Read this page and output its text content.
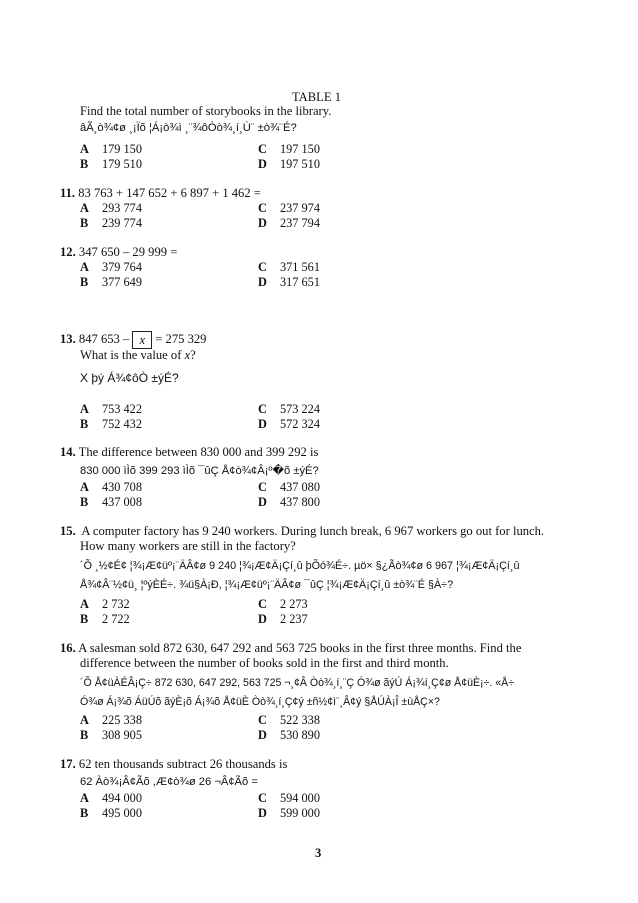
TABLE 1
Find the total number of storybooks in the library.
âÃ¸ò¾¢ø ¸¡Ïõ ¦Á¡ò¾ì ¸¨¾ôÒò¾¸í¸Ù¨ ±ò¾¨É?
A 179 150
B 179 510
C 197 150
D 197 510
11. 83 763 + 147 652 + 6 897 + 1 462 =
A 293 774
B 239 774
C 237 974
D 237 794
12. 347 650 – 29 999 =
A 379 764
B 377 649
C 371 561
D 317 651
13. 847 653 – x = 275 329
What is the value of x?
X þý Á¾¢ôÒ ±ýÉ?
A 753 422
B 752 432
C 573 224
D 572 324
14. The difference between 830 000 and 399 292 is
830 000 ìÌõ 399 293 ìÌõ ¯ûÇ Å¢ò¾¢Â¡º�õ ±ýÉ?
A 430 708
B 437 008
C 437 080
D 437 800
15. A computer factory has 9 240 workers. During lunch break, 6 967 workers go out for lunch.
How many workers are still in the factory?
´Õ ¸½¢É¢ ¦¾¡Æ¢üº¡¨ÄÂ¢ø 9 240 ¦¾¡Æ¢Ä¡Çí¸û þÕó¾É÷. µö× §¿Ãò¾¢ø 6 967 ¦¾¡Æ¢Ä¡Çí¸û
Å¾¢Â¨½¢ü¸ ¦ºýÈÉ÷. ¾ü§À¡Ð, ¦¾¡Æ¢üº¡¨ÄÂ¢ø ¯ûÇ ¦¾¡Æ¢Ä¡Çí¸û ±ò¾¨É §À÷?
A 2 732
B 2 722
C 2 273
D 2 237
16. A salesman sold 872 630, 647 292 and 563 725 books in the first three months. Find the
difference between the number of books sold in the first and third month.
´Õ Å¢üÀÉÂ¡Ç÷ 872 630, 647 292, 563 725 ¬¸¢Â Òò¾¸í¸¨Ç Ó¾ø ãýÚ Á¡¾í¸Ç¢ø Å¢üÈ¡÷. «Å÷
Ó¾ø Á¡¾õ ÁüÚõ ãýÈ¡õ Á¡¾õ Å¢üÈ Òò¾¸í¸Ç¢ý ±ñ½¢ì¨¸Â¢ý §ÅÚÀ¡Î ±ùÅÇ×?
A 225 338
B 308 905
C 522 338
D 530 890
17. 62 ten thousands subtract 26 thousands is
62 Àò¾¡Â¢Ãõ ,Æ¢ò¾ø 26 ¬Â¢Ãõ =
A 494 000
B 495 000
C 594 000
D 599 000
3
